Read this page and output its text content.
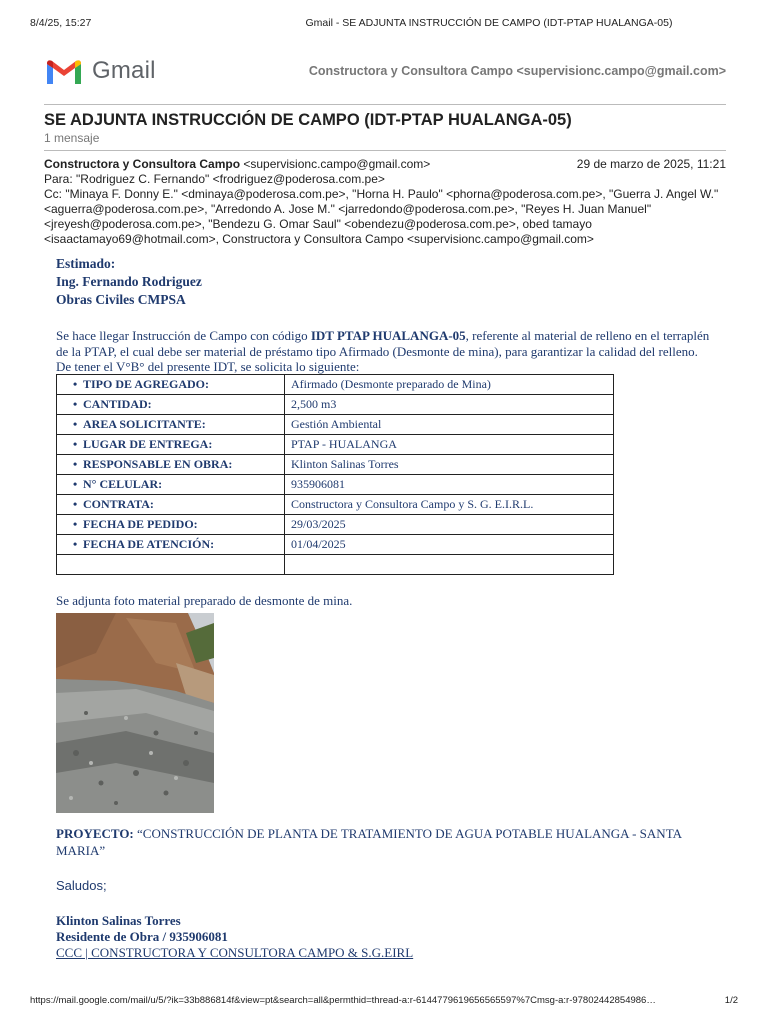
8/4/25, 15:27	Gmail - SE ADJUNTA INSTRUCCIÓN DE CAMPO (IDT-PTAP HUALANGA-05)
Gmail	Constructora y Consultora Campo <supervisionc.campo@gmail.com>
SE ADJUNTA INSTRUCCIÓN DE CAMPO (IDT-PTAP HUALANGA-05)
1 mensaje
Constructora y Consultora Campo <supervisionc.campo@gmail.com>	29 de marzo de 2025, 11:21
Para: "Rodriguez C. Fernando" <frodriguez@poderosa.com.pe>
Cc: "Minaya F. Donny E." <dminaya@poderosa.com.pe>, "Horna H. Paulo" <phorna@poderosa.com.pe>, "Guerra J. Angel W." <aguerra@poderosa.com.pe>, "Arredondo A. Jose M." <jarredondo@poderosa.com.pe>, "Reyes H. Juan Manuel" <jreyesh@poderosa.com.pe>, "Bendezu G. Omar Saul" <obendezu@poderosa.com.pe>, obed tamayo <isaactamayo69@hotmail.com>, Constructora y Consultora Campo <supervisionc.campo@gmail.com>
Estimado:
Ing. Fernando Rodriguez
Obras Civiles CMPSA
Se hace llegar Instrucción de Campo con código IDT PTAP HUALANGA-05, referente al material de relleno en el terraplén de la PTAP, el cual debe ser material de préstamo tipo Afirmado (Desmonte de mina), para garantizar la calidad del relleno.
De tener el V°B° del presente IDT, se solicita lo siguiente:
• TIPO DE AGREGADO:	Afirmado (Desmonte preparado de Mina)
• CANTIDAD:	2,500 m3
• AREA SOLICITANTE:	Gestión Ambiental
• LUGAR DE ENTREGA:	PTAP - HUALANGA
• RESPONSABLE EN OBRA:	Klinton Salinas Torres
• N° CELULAR:	935906081
• CONTRATA:	Constructora y Consultora Campo y S. G. E.I.R.L.
• FECHA DE PEDIDO:	29/03/2025
• FECHA DE ATENCIÓN:	01/04/2025

Se adjunta foto material preparado de desmonte de mina.
PROYECTO: “CONSTRUCCIÓN DE PLANTA DE TRATAMIENTO DE AGUA POTABLE HUALANGA - SANTA MARIA”
Saludos;
Klinton Salinas Torres
Residente de Obra / 935906081
CCC | CONSTRUCTORA Y CONSULTORA CAMPO & S.G.EIRL
https://mail.google.com/mail/u/5/?ik=33b886814f&view=pt&search=all&permthid=thread-a:r-6144779619656565597%7Cmsg-a:r-97802442854986…	1/2
